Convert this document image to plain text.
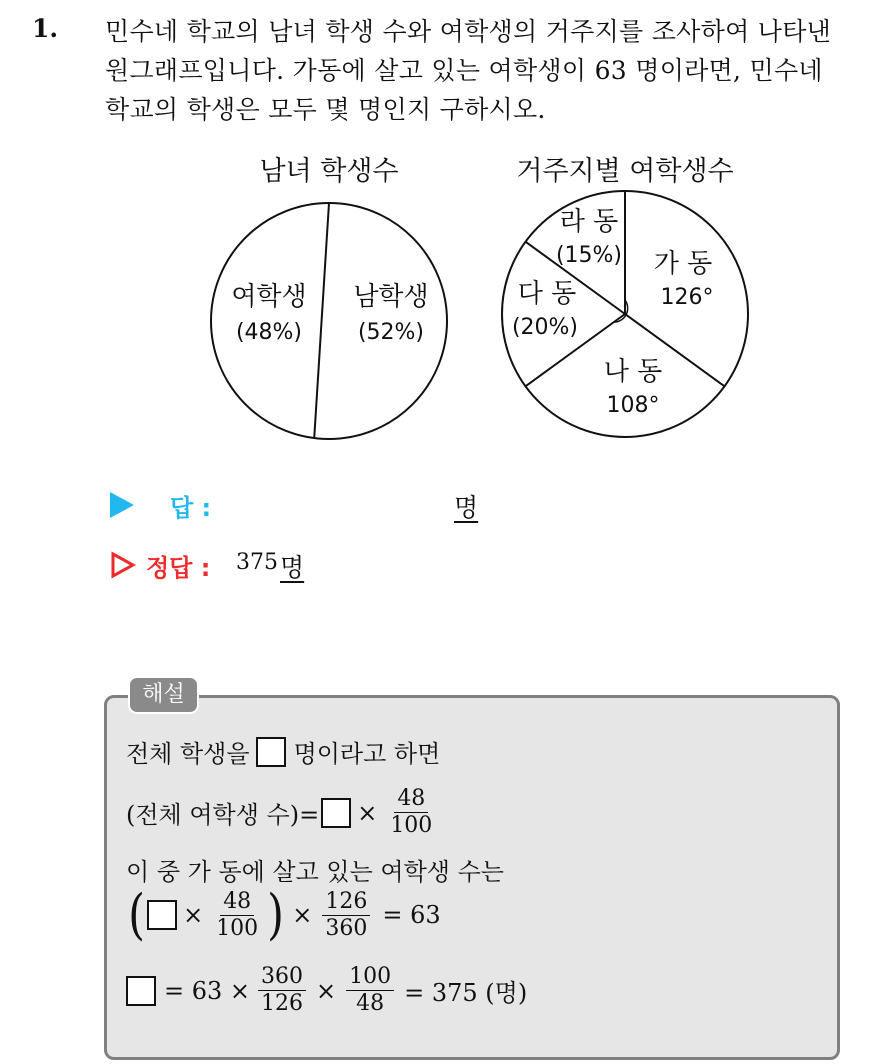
1. 민수네 학교의 남녀 학생 수와 여학생의 거주지를 조사하여 나타낸
원그래프입니다. 가동에 살고 있는 여학생이 63 명이라면, 민수네
학교의 학생은 모두 몇 명인지 구하시오.
남녀 학생수
여학생
(48%)
남학생
(52%)
거주지별 여학생수
가 동
126°
나 동
108°
다 동
(20%)
라 동
(15%)
답 :	명
정답 : 375 명
해설
전체 학생을 명이라고 하면
(전체 여학생 수)= × $\frac{48}{100}$
이 중 가 동에 살고 있는 여학생 수는
( × $\frac{48}{100}$ ) × $\frac{126}{360} = 63$
= $63 \times \frac{360}{126} \times \frac{100}{48} = 375$ (명)
